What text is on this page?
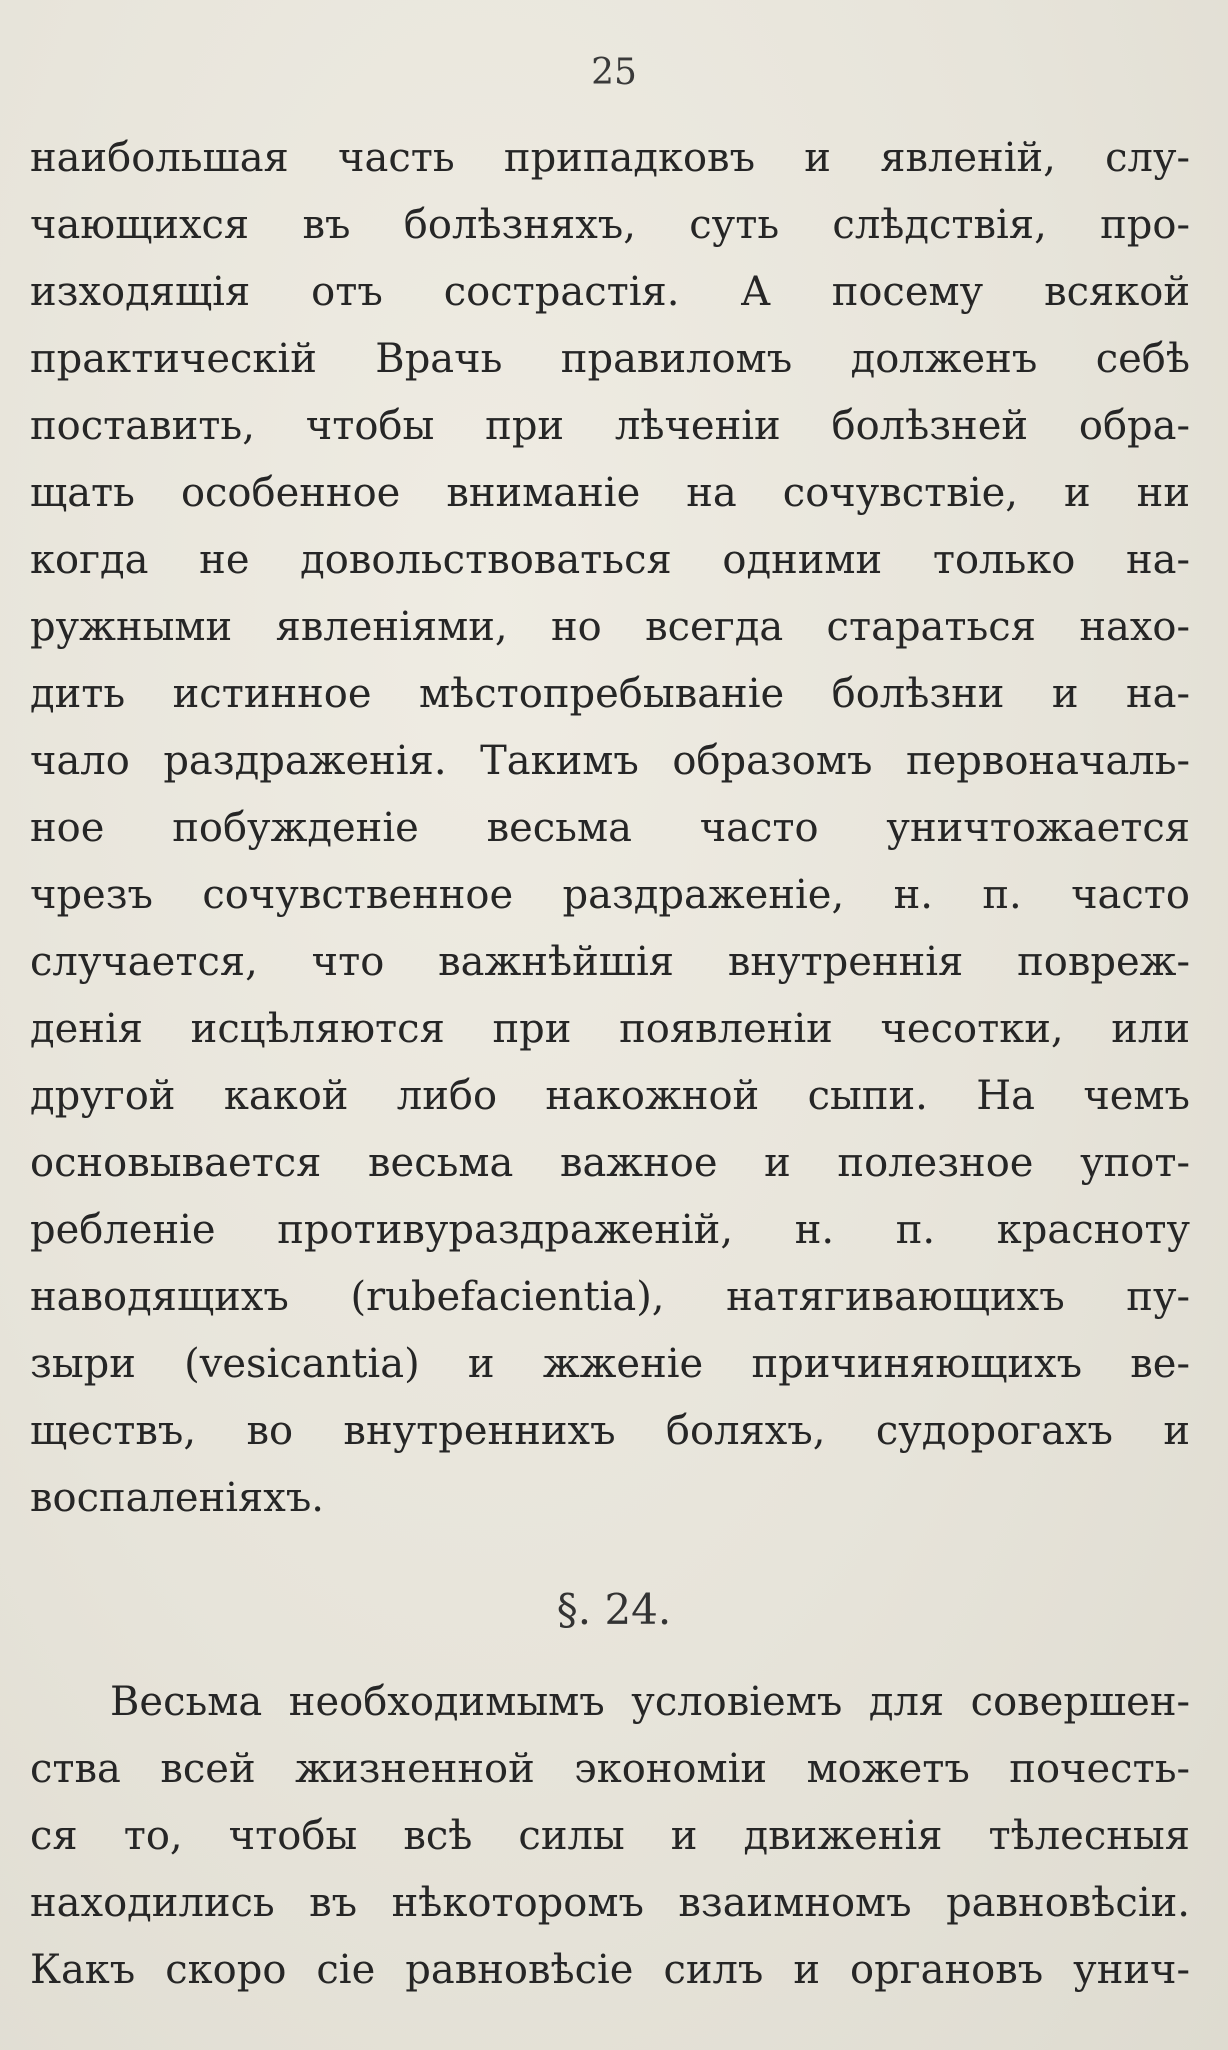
25
наибольшая часть припадковъ и явленій, слу-
чающихся въ болѣзняхъ, суть слѣдствія, про-
изходящія отъ сострастія. А посему всякой
практическій Врачь правиломъ долженъ себѣ
поставить, чтобы при лѣченіи болѣзней обра-
щать особенное вниманіе на сочувствіе, и ни
когда не довольствоваться одними только на-
ружными явленіями, но всегда стараться нахо-
дить истинное мѣстопребываніе болѣзни и на-
чало раздраженія. Такимъ образомъ первоначаль-
ное побужденіе весьма часто уничтожается
чрезъ сочувственное раздраженіе, н. п. часто
случается, что важнѣйшія внутреннія повреж-
денія исцѣляются при появленіи чесотки, или
другой какой либо накожной сыпи. На чемъ
основывается весьма важное и полезное упот-
ребленіе противураздраженій, н. п. красноту
наводящихъ (rubefacientia), натягивающихъ пу-
зыри (vesicantia) и жженіе причиняющихъ ве-
ществъ, во внутреннихъ боляхъ, судорогахъ и
воспаленіяхъ.
§. 24.
Весьма необходимымъ условіемъ для совершен-
ства всей жизненной экономіи можетъ почесть-
ся то, чтобы всѣ силы и движенія тѣлесныя
находились въ нѣкоторомъ взаимномъ равновѣсіи.
Какъ скоро сіе равновѣсіе силъ и органовъ унич-
